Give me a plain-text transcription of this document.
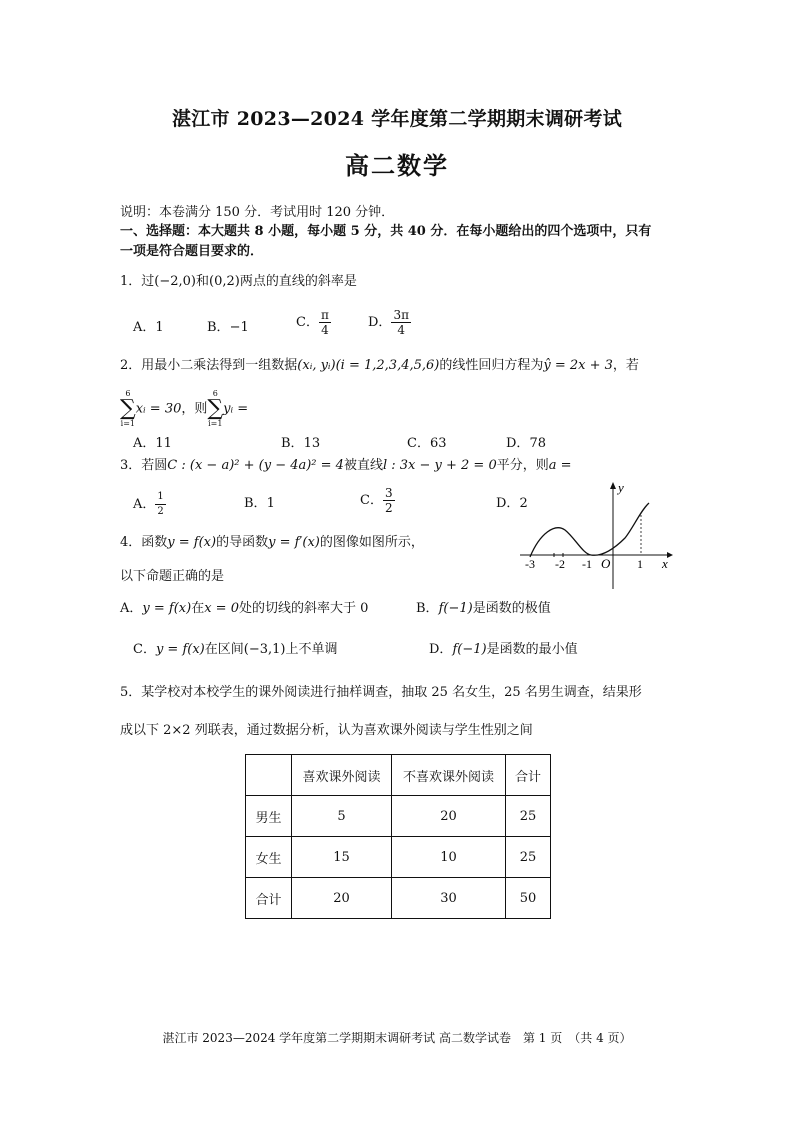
湛江市 2023—2024 学年度第二学期期末调研考试
高二数学
说明：本卷满分 150 分．考试用时 120 分钟．
一、选择题：本大题共 8 小题，每小题 5 分，共 40 分．在每小题给出的四个选项中，只有
一项是符合题目要求的．
1．过(−2,0)和(0,2)两点的直线的斜率是
A．1	B．−1	C． $\frac{\pi}{4}$	D． $\frac{3\pi}{4}$
2．用最小二乘法得到一组数据(xᵢ, yᵢ)(i = 1,2,3,4,5,6)的线性回归方程为ŷ = 2x + 3，若
6
∑
i=1
xᵢ = 30，则
6
∑
i=1
yᵢ =
A．11	B．13	C．63	D．78
3．若圆C : (x − a)² + (y − 4a)² = 4被直线l : 3x − y + 2 = 0平分，则a =
A． $\frac{1}{2}$	B．1	C． $\frac{3}{2}$	D．2
4．函数y = f(x)的导函数y = f′(x)的图像如图所示，
以下命题正确的是
y
x
O
-3 -2 -1	1
A．y = f(x)在x = 0处的切线的斜率大于 0	B．f(−1)是函数的极值
C．y = f(x)在区间(−3,1)上不单调	D．f(−1)是函数的最小值
5．某学校对本校学生的课外阅读进行抽样调查，抽取 25 名女生，25 名男生调查，结果形
成以下 2×2 列联表，通过数据分析，认为喜欢课外阅读与学生性别之间
	喜欢课外阅读	不喜欢课外阅读	合计
男生	5	20	25
女生	15	10	25
合计	20	30	50
湛江市 2023—2024 学年度第二学期期末调研考试 高二数学试卷　第 1 页　（共 4 页）
